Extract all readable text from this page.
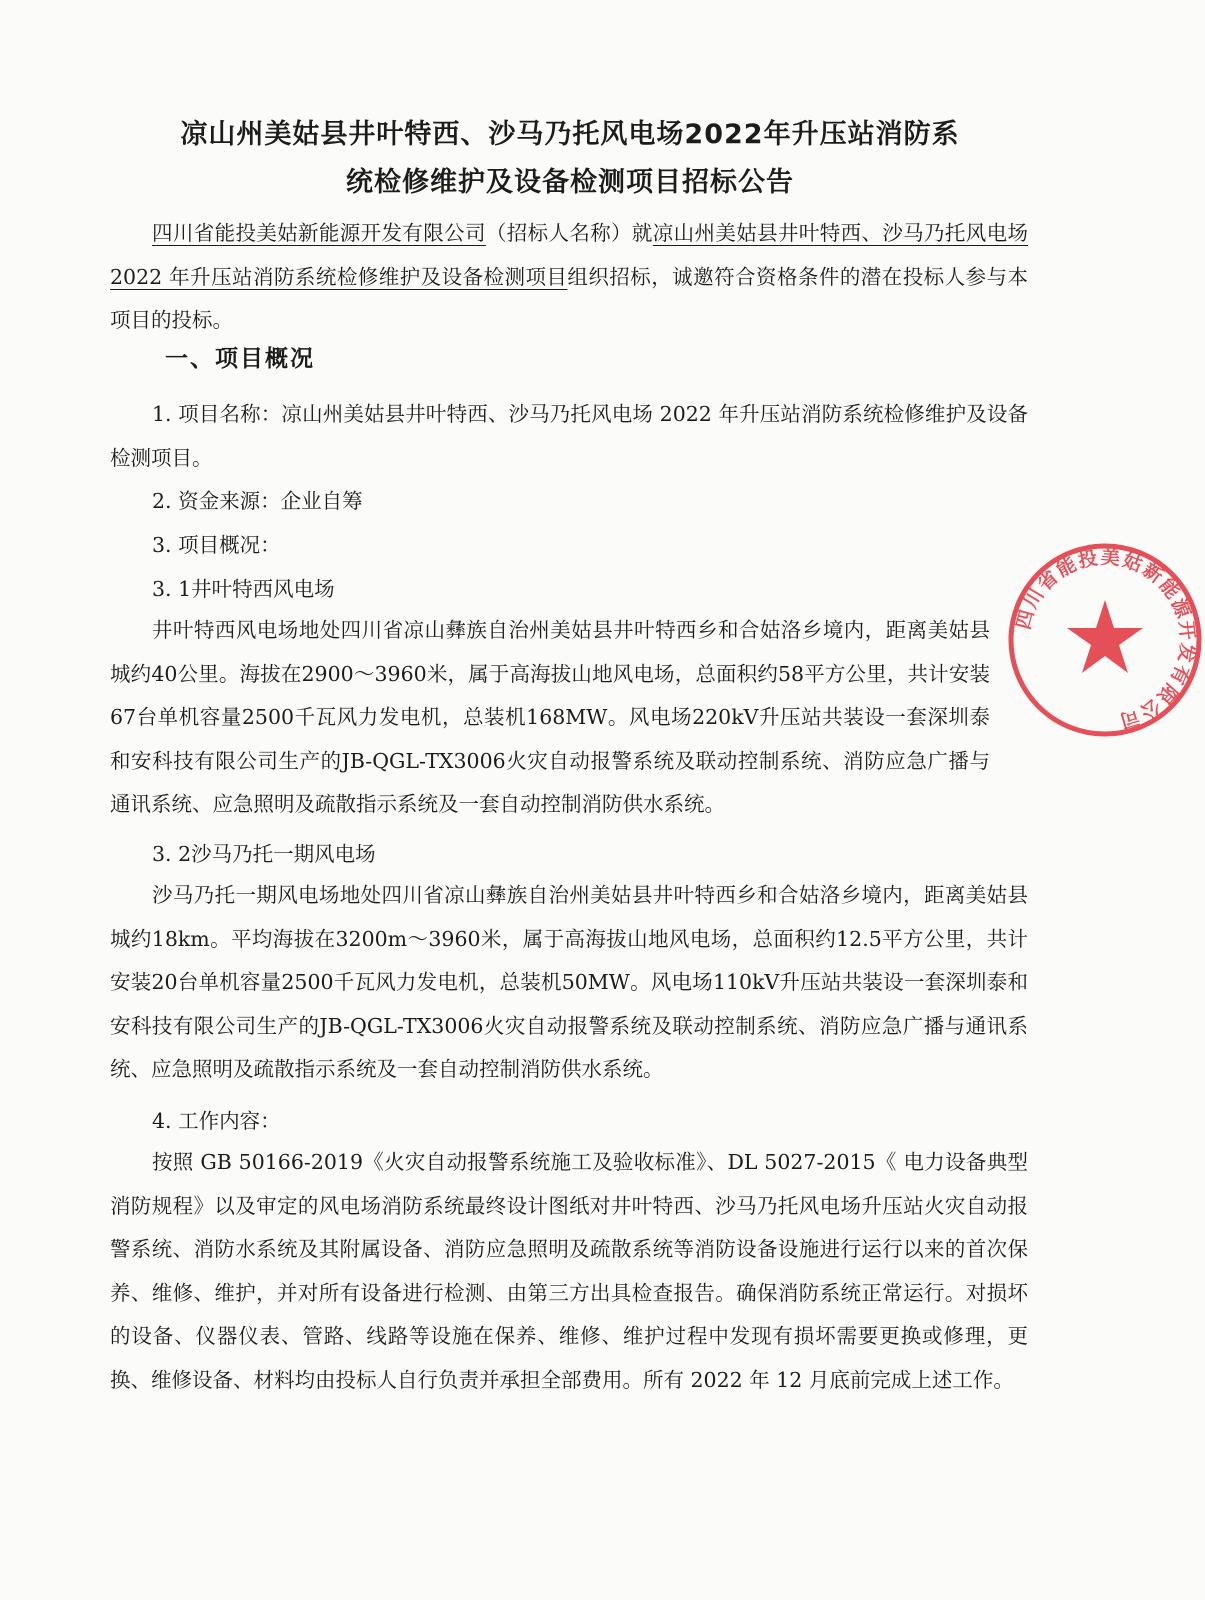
凉山州美姑县井叶特西、沙马乃托风电场2022年升压站消防系
统检修维护及设备检测项目招标公告
四川省能投美姑新能源开发有限公司（招标人名称）就凉山州美姑县井叶特西、沙马乃托风电场 2022 年升压站消防系统检修维护及设备检测项目组织招标，诚邀符合资格条件的潜在投标人参与本项目的投标。
一、项目概况
1. 项目名称：凉山州美姑县井叶特西、沙马乃托风电场 2022 年升压站消防系统检修维护及设备检测项目。
2. 资金来源：企业自筹
3. 项目概况：
3. 1井叶特西风电场
井叶特西风电场地处四川省凉山彝族自治州美姑县井叶特西乡和合姑洛乡境内，距离美姑县城约40公里。海拔在2900～3960米，属于高海拔山地风电场，总面积约58平方公里，共计安装67台单机容量2500千瓦风力发电机，总装机168MW。风电场220kV升压站共装设一套深圳泰和安科技有限公司生产的JB-QGL-TX3006火灾自动报警系统及联动控制系统、消防应急广播与通讯系统、应急照明及疏散指示系统及一套自动控制消防供水系统。
3. 2沙马乃托一期风电场
沙马乃托一期风电场地处四川省凉山彝族自治州美姑县井叶特西乡和合姑洛乡境内，距离美姑县城约18km。平均海拔在3200m～3960米，属于高海拔山地风电场，总面积约12.5平方公里，共计安装20台单机容量2500千瓦风力发电机，总装机50MW。风电场110kV升压站共装设一套深圳泰和安科技有限公司生产的JB-QGL-TX3006火灾自动报警系统及联动控制系统、消防应急广播与通讯系统、应急照明及疏散指示系统及一套自动控制消防供水系统。
4. 工作内容：
按照 GB 50166-2019《火灾自动报警系统施工及验收标准》、DL 5027-2015《 电力设备典型消防规程》以及审定的风电场消防系统最终设计图纸对井叶特西、沙马乃托风电场升压站火灾自动报警系统、消防水系统及其附属设备、消防应急照明及疏散系统等消防设备设施进行运行以来的首次保养、维修、维护，并对所有设备进行检测、由第三方出具检查报告。确保消防系统正常运行。对损坏的设备、仪器仪表、管路、线路等设施在保养、维修、维护过程中发现有损坏需要更换或修理，更换、维修设备、材料均由投标人自行负责并承担全部费用。所有 2022 年 12 月底前完成上述工作。
四川省能投美姑新能源开发有限公司
